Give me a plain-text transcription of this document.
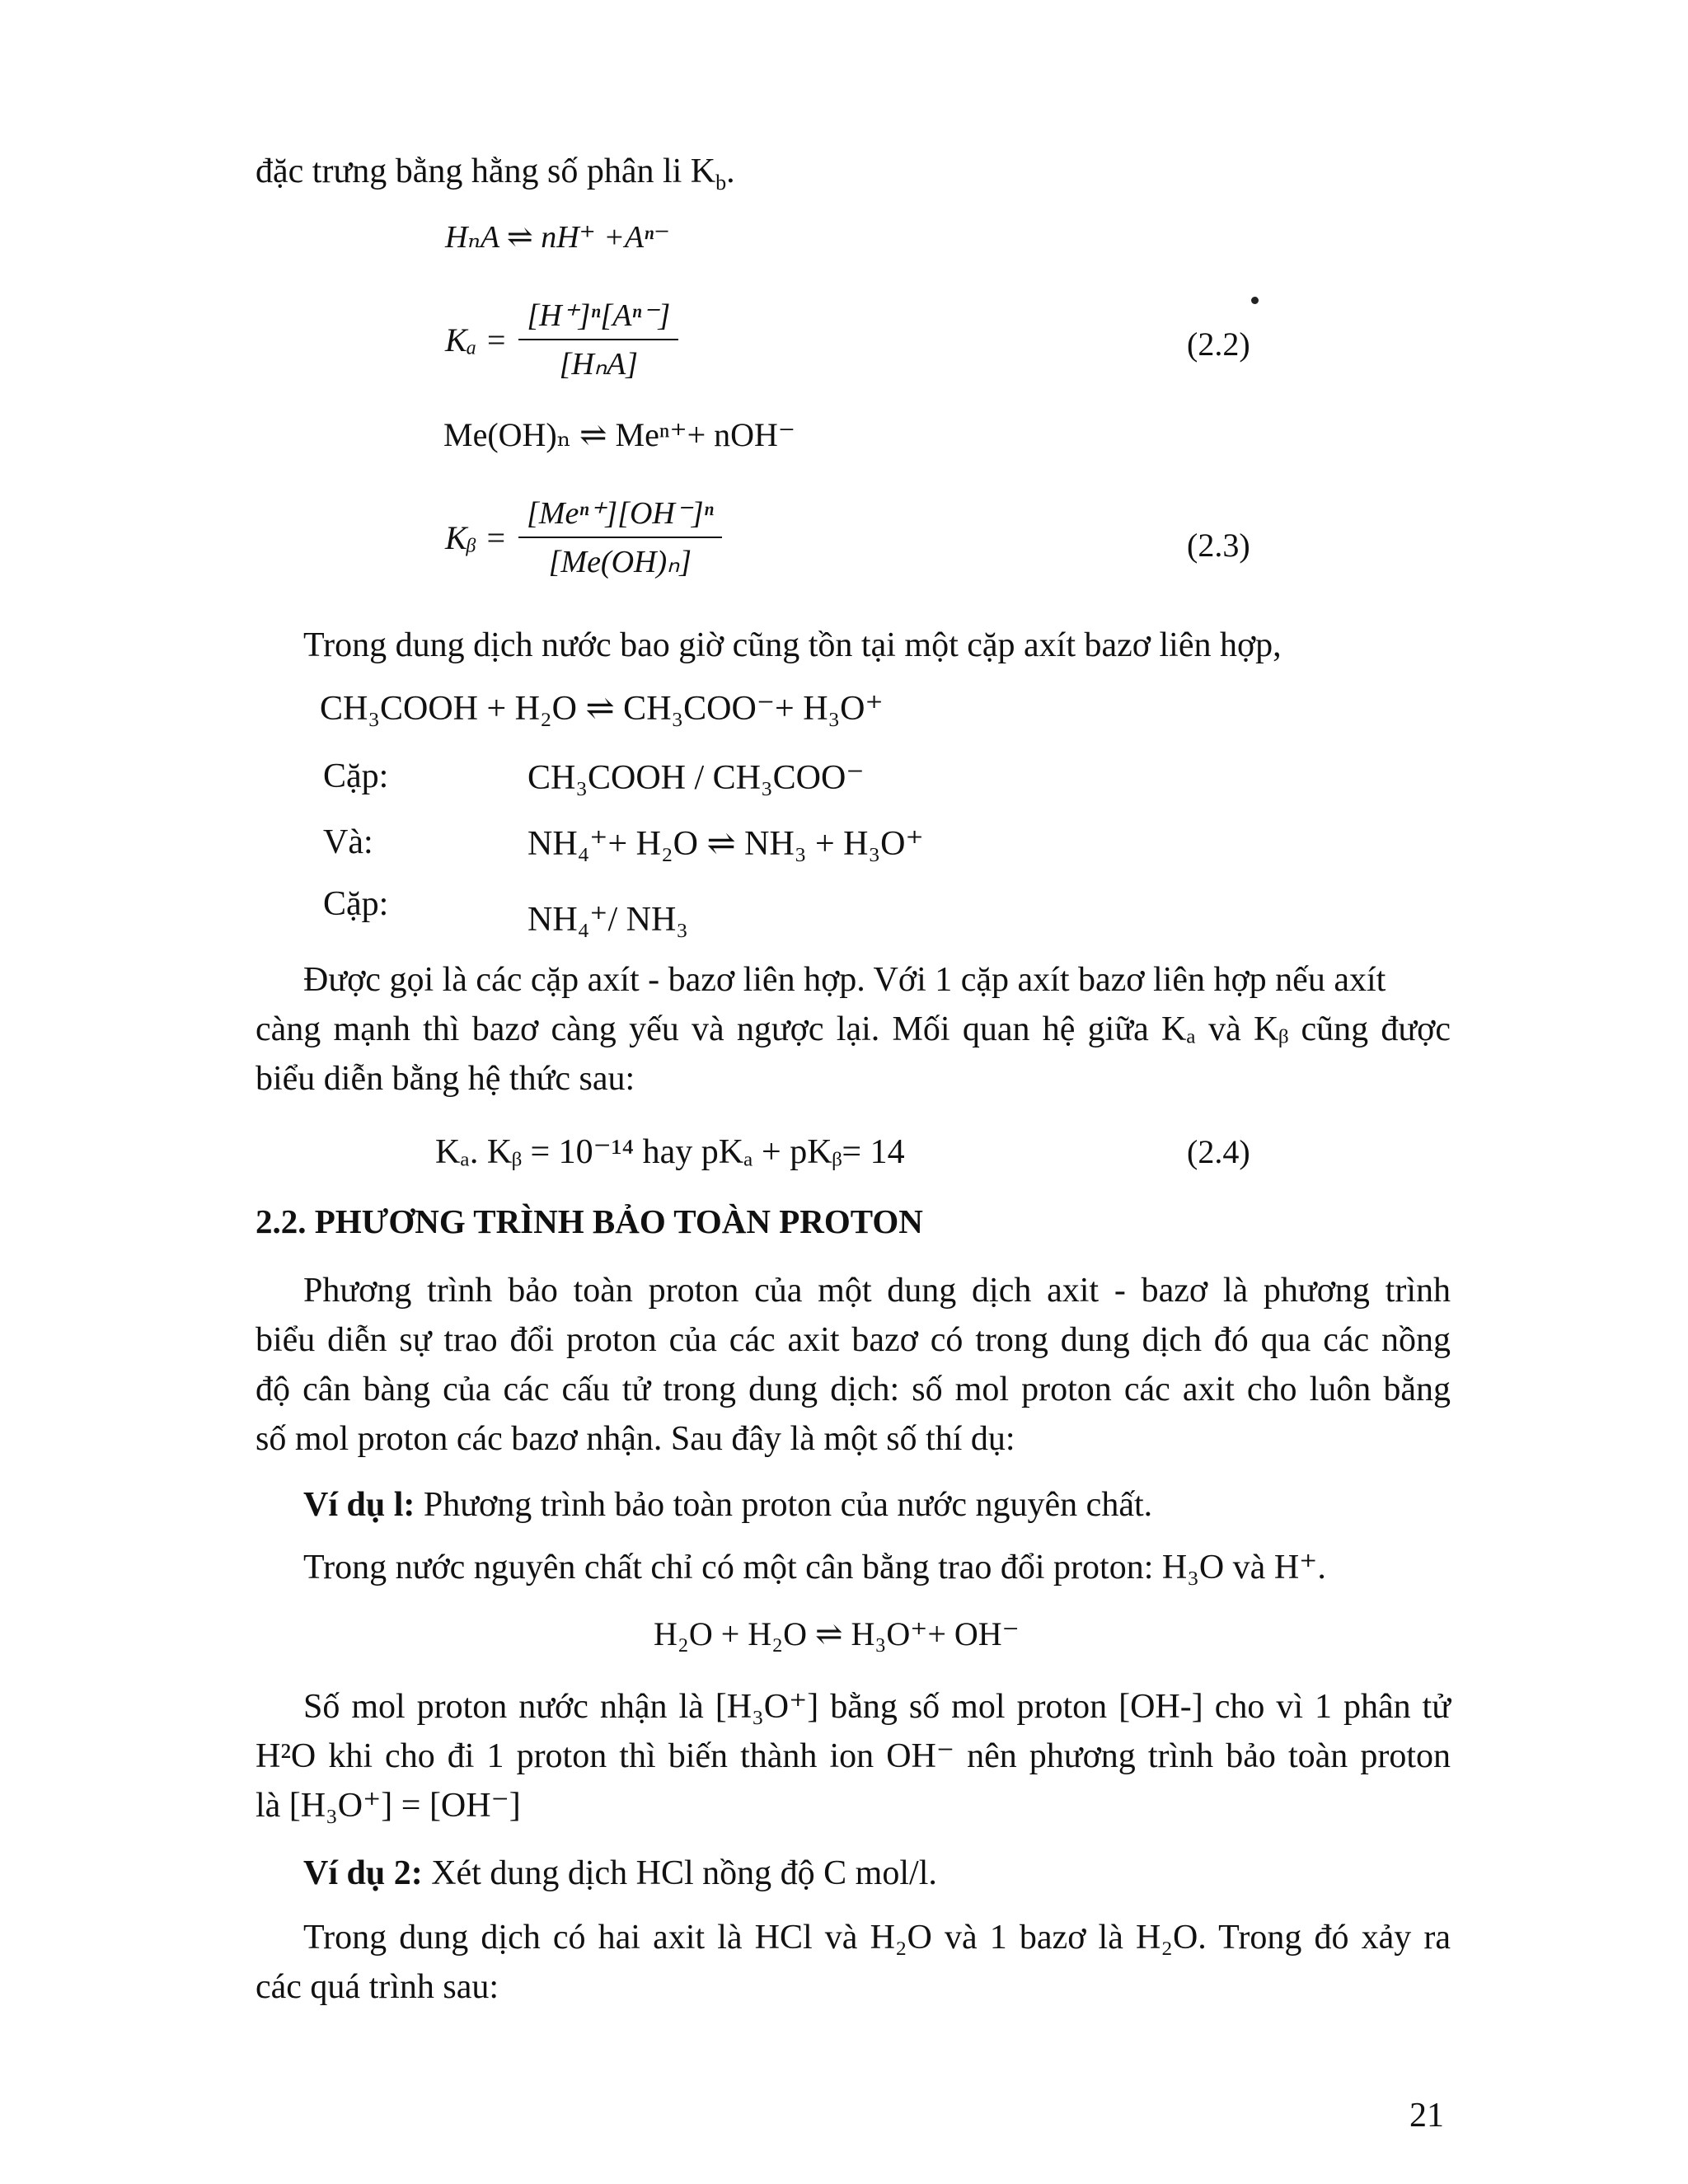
đặc trưng bằng hằng số phân li $K_b$.

HₙA ⇌ nH⁺ +Aⁿ⁻

Kₐ =
[H⁺]ⁿ[Aⁿ⁻]
[HₙA]
(2.2)

Me(OH)ₙ ⇌ Meⁿ⁺+ nOH⁻

Kᵦ =
[Meⁿ⁺][OH⁻]ⁿ
[Me(OH)ₙ]	(2.3)

Trong dung dịch nước bao giờ cũng tồn tại một cặp axít bazơ liên hợp,

CH₃COOH + H₂O ⇌ CH₃COO⁻+ H₃O⁺

Cặp:	CH₃COOH / CH₃COO⁻
Và:	NH₄⁺+ H₂O ⇌ NH₃ + H₃O⁺
Cặp:	NH₄⁺/ NH₃

Được gọi là các cặp axít - bazơ liên hợp. Với 1 cặp axít bazơ liên hợp nếu axít

càng mạnh thì bazơ càng yếu và ngược lại. Mối quan hệ giữa Kₐ và Kᵦ cũng được

biểu diễn bằng hệ thức sau:

Kₐ. Kᵦ = 10⁻¹⁴ hay pKₐ + pKᵦ= 14	(2.4)

2.2. PHƯƠNG TRÌNH BẢO TOÀN PROTON

Phương trình bảo toàn proton của một dung dịch axit - bazơ là phương trình

biểu diễn sự trao đổi proton của các axit bazơ có trong dung dịch đó qua các nồng

độ cân bàng của các cấu tử trong dung dịch: số mol proton các axit cho luôn bằng

số mol proton các bazơ nhận. Sau đây là một số thí dụ:

Ví dụ l: Phương trình bảo toàn proton của nước nguyên chất.

Trong nước nguyên chất chỉ có một cân bằng trao đổi proton: H₃O và H⁺.

H₂O + H₂O ⇌ H₃O⁺+ OH⁻

Số mol proton nước nhận là [H₃O⁺] bằng số mol proton [OH-] cho vì 1 phân tử

H²O khi cho đi 1 proton thì biến thành ion OH⁻ nên phương trình bảo toàn proton

là [H₃O⁺] = [OH⁻]

Ví dụ 2: Xét dung dịch HCl nồng độ C mol/l.

Trong dung dịch có hai axit là HCl và H₂O và 1 bazơ là H₂O. Trong đó xảy ra

các quá trình sau:

21
